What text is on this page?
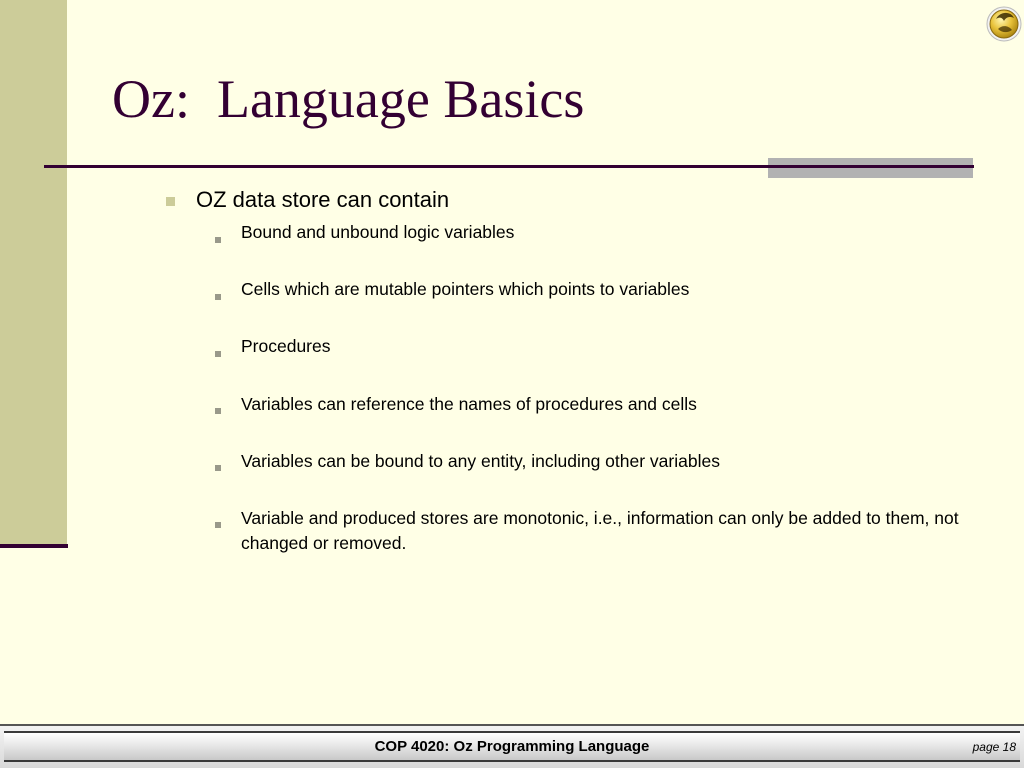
Oz:  Language Basics
OZ data store can contain
Bound and unbound logic variables
Cells which are mutable pointers which points to variables
Procedures
Variables can reference the names of procedures and cells
Variables can be bound to any entity, including other variables
Variable and produced stores are monotonic, i.e., information can only be added to them, not changed or removed.
COP 4020: Oz Programming Language	page 18
